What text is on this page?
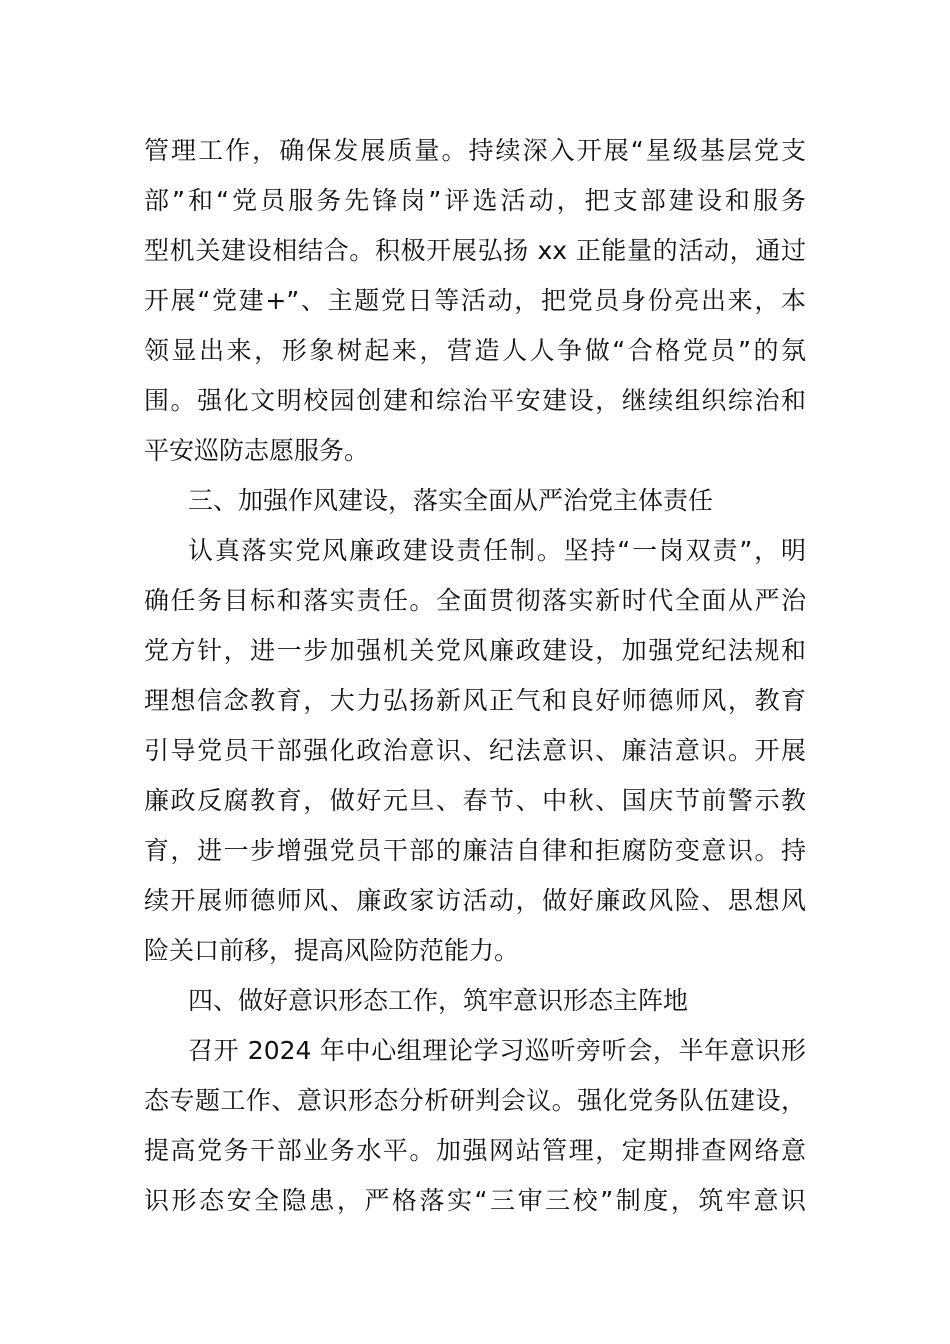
管理工作，确保发展质量。持续深入开展“星级基层党支
部”和“党员服务先锋岗”评选活动，把支部建设和服务
型机关建设相结合。积极开展弘扬 xx 正能量的活动，通过
开展“党建+”、主题党日等活动，把党员身份亮出来，本
领显出来，形象树起来，营造人人争做“合格党员”的氛
围。强化文明校园创建和综治平安建设，继续组织综治和
平安巡防志愿服务。
三、加强作风建设，落实全面从严治党主体责任
认真落实党风廉政建设责任制。坚持“一岗双责”，明
确任务目标和落实责任。全面贯彻落实新时代全面从严治
党方针，进一步加强机关党风廉政建设，加强党纪法规和
理想信念教育，大力弘扬新风正气和良好师德师风，教育
引导党员干部强化政治意识、纪法意识、廉洁意识。开展
廉政反腐教育，做好元旦、春节、中秋、国庆节前警示教
育，进一步增强党员干部的廉洁自律和拒腐防变意识。持
续开展师德师风、廉政家访活动，做好廉政风险、思想风
险关口前移，提高风险防范能力。
四、做好意识形态工作，筑牢意识形态主阵地
召开 2024 年中心组理论学习巡听旁听会，半年意识形
态专题工作、意识形态分析研判会议。强化党务队伍建设，
提高党务干部业务水平。加强网站管理，定期排查网络意
识形态安全隐患，严格落实“三审三校”制度，筑牢意识
